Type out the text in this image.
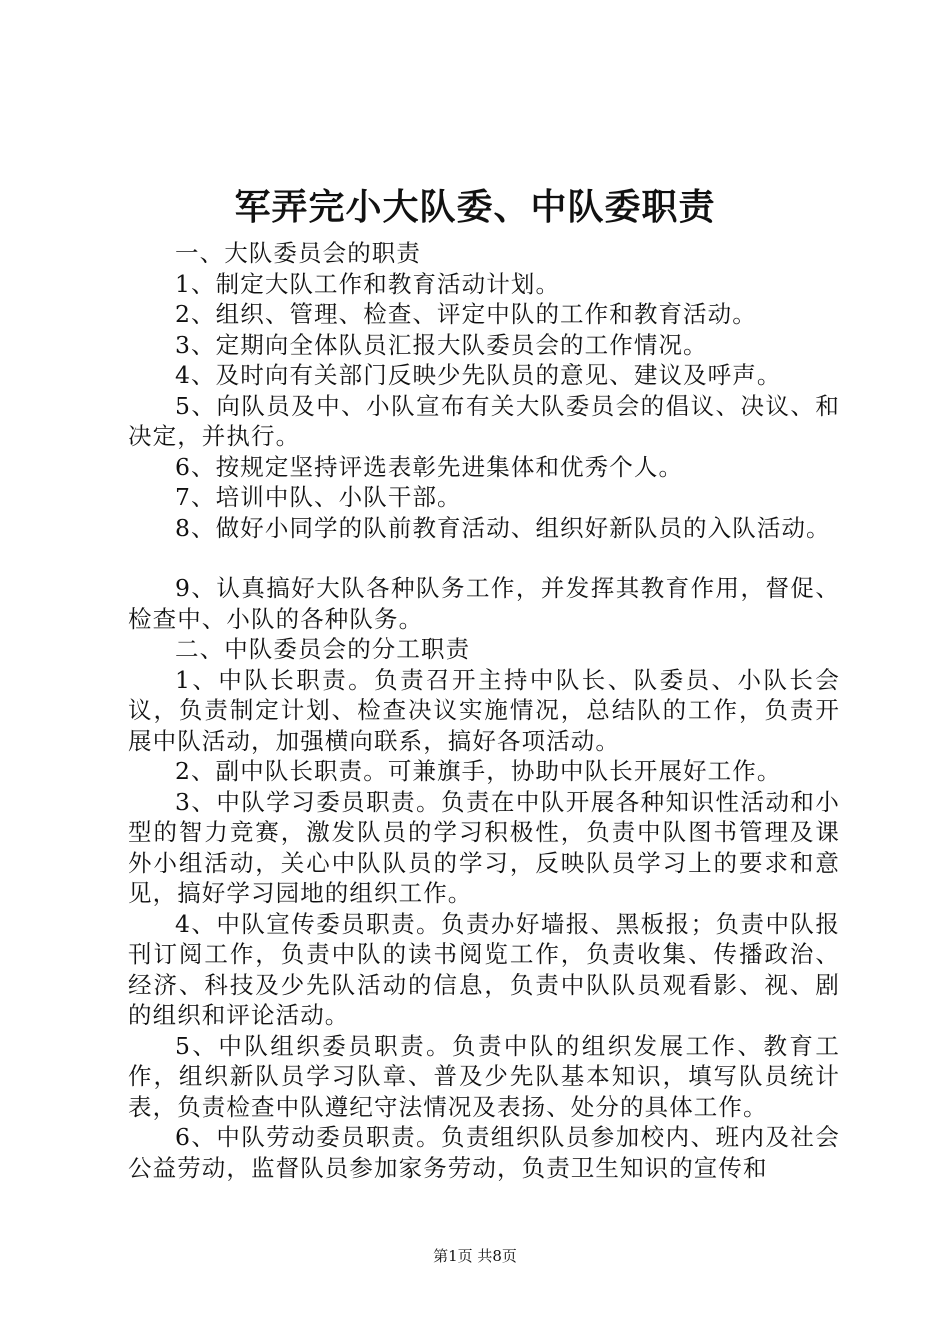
军弄完小大队委、中队委职责

一、大队委员会的职责

1、制定大队工作和教育活动计划。

2、组织、管理、检查、评定中队的工作和教育活动。

3、定期向全体队员汇报大队委员会的工作情况。

4、及时向有关部门反映少先队员的意见、建议及呼声。

5、向队员及中、小队宣布有关大队委员会的倡议、决议、和决定，并执行。

6、按规定坚持评选表彰先进集体和优秀个人。

7、培训中队、小队干部。

8、做好小同学的队前教育活动、组织好新队员的入队活动。

9、认真搞好大队各种队务工作，并发挥其教育作用，督促、检查中、小队的各种队务。

二、中队委员会的分工职责

1、中队长职责。负责召开主持中队长、队委员、小队长会议，负责制定计划、检查决议实施情况，总结队的工作，负责开展中队活动，加强横向联系，搞好各项活动。

2、副中队长职责。可兼旗手，协助中队长开展好工作。

3、中队学习委员职责。负责在中队开展各种知识性活动和小型的智力竞赛，激发队员的学习积极性，负责中队图书管理及课外小组活动，关心中队队员的学习，反映队员学习上的要求和意见，搞好学习园地的组织工作。

4、中队宣传委员职责。负责办好墙报、黑板报；负责中队报刊订阅工作，负责中队的读书阅览工作，负责收集、传播政治、经济、科技及少先队活动的信息，负责中队队员观看影、视、剧的组织和评论活动。

5、中队组织委员职责。负责中队的组织发展工作、教育工作，组织新队员学习队章、普及少先队基本知识，填写队员统计表，负责检查中队遵纪守法情况及表扬、处分的具体工作。

6、中队劳动委员职责。负责组织队员参加校内、班内及社会公益劳动，监督队员参加家务劳动，负责卫生知识的宣传和

第1页 共8页
